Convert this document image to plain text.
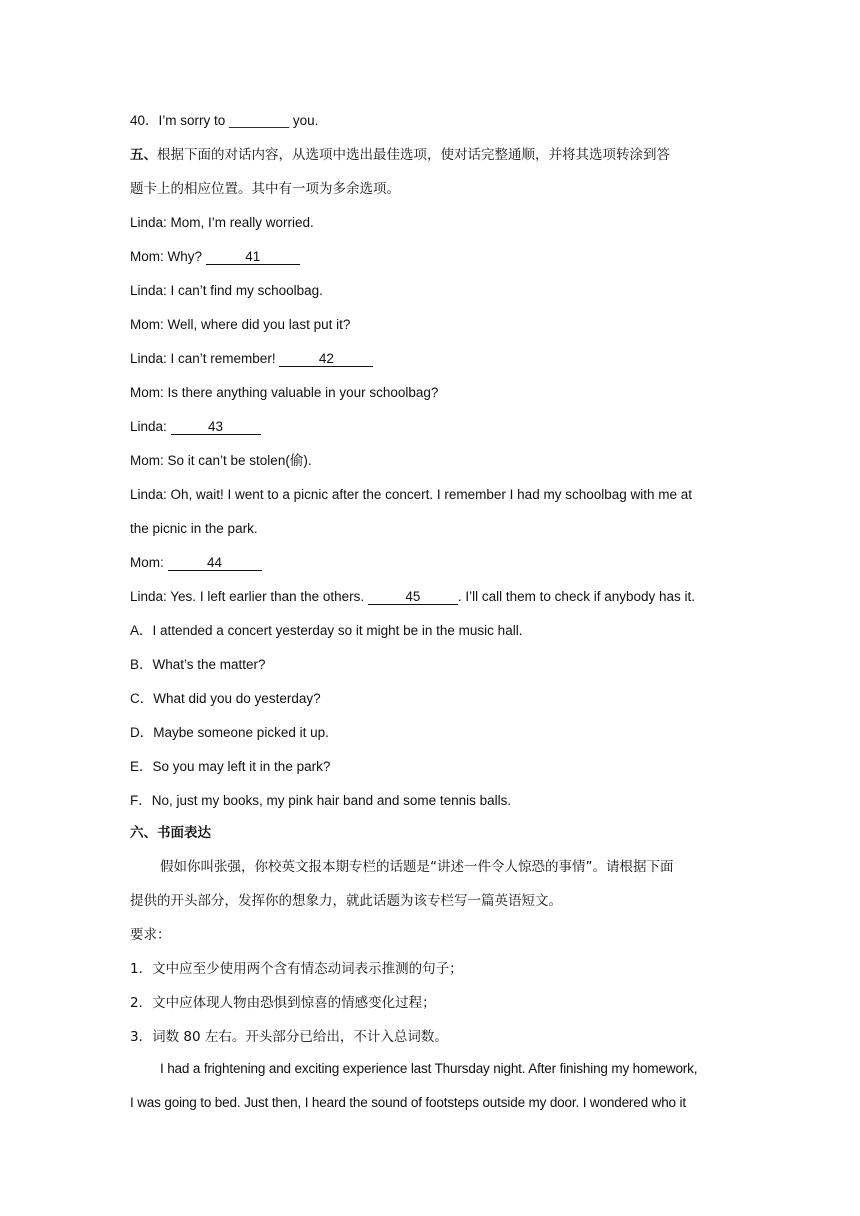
40．I’m sorry to ________ you.
五、根据下面的对话内容，从选项中选出最佳选项，使对话完整通顺，并将其选项转涂到答
题卡上的相应位置。其中有一项为多余选项。
Linda: Mom, I’m really worried.
Mom: Why?	41
Linda: I can’t find my schoolbag.
Mom: Well, where did you last put it?
Linda: I can’t remember!	42
Mom: Is there anything valuable in your schoolbag?
Linda:	43
Mom: So it can’t be stolen(偷).
Linda: Oh, wait! I went to a picnic after the concert. I remember I had my schoolbag with me at
the picnic in the park.
Mom:	44
Linda: Yes. I left earlier than the others.	45	. I’ll call them to check if anybody has it.
A．I attended a concert yesterday so it might be in the music hall.
B．What’s the matter?
C．What did you do yesterday?
D．Maybe someone picked it up.
E．So you may left it in the park?
F．No, just my books, my pink hair band and some tennis balls.
六、书面表达
假如你叫张强，你校英文报本期专栏的话题是“讲述一件令人惊恐的事情”。请根据下面
提供的开头部分，发挥你的想象力，就此话题为该专栏写一篇英语短文。
要求：
1．文中应至少使用两个含有情态动词表示推测的句子；
2．文中应体现人物由恐惧到惊喜的情感变化过程；
3．词数 80 左右。开头部分已给出，不计入总词数。
I had a frightening and exciting experience last Thursday night. After finishing my homework,
I was going to bed. Just then, I heard the sound of footsteps outside my door. I wondered who it
